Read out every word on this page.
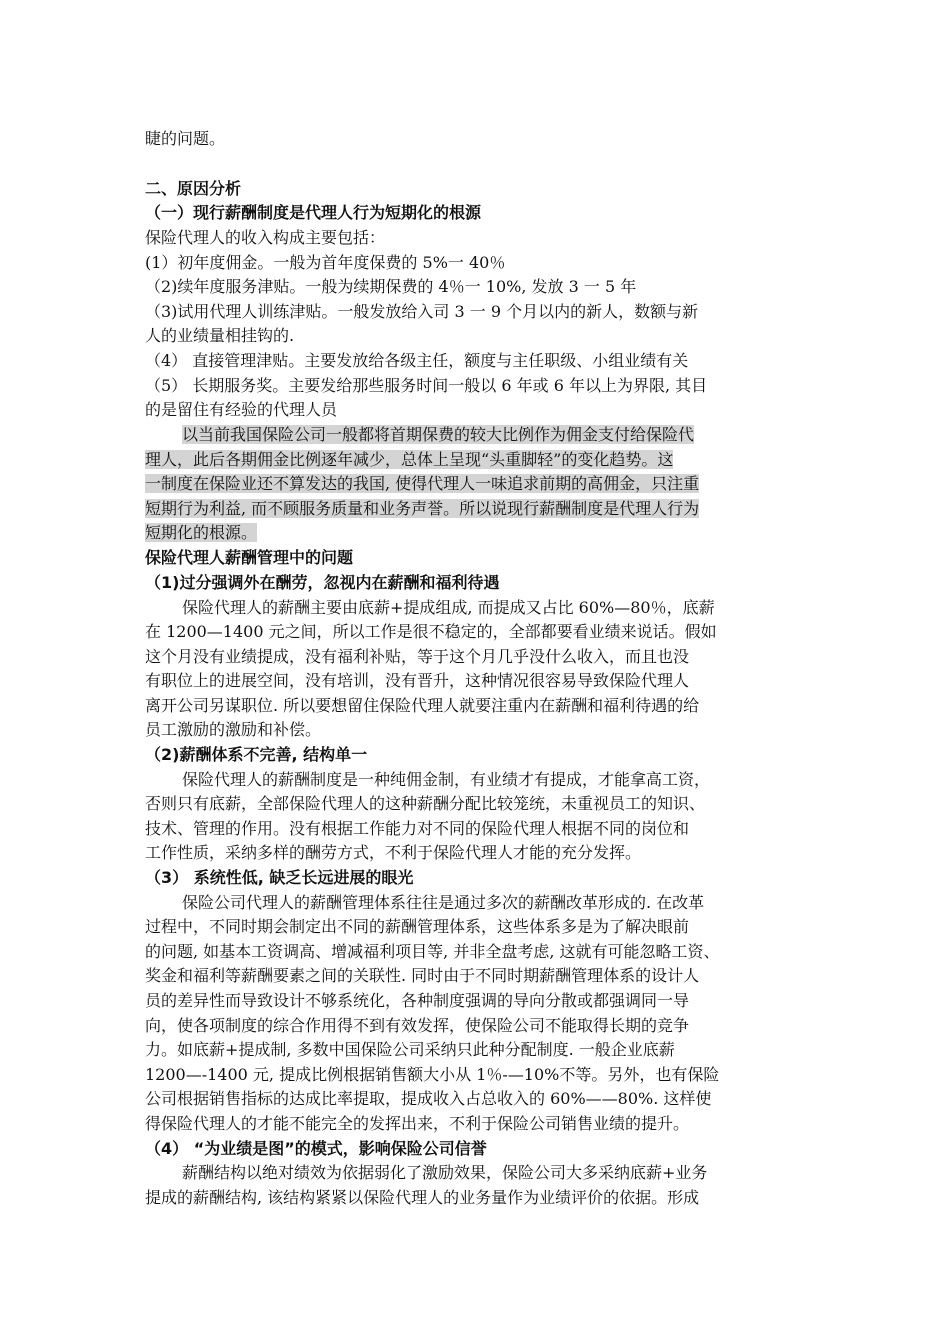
睫的问题。
二、原因分析
（一）现行薪酬制度是代理人行为短期化的根源
保险代理人的收入构成主要包括：
(1）初年度佣金。一般为首年度保费的 5%一 40％
（2)续年度服务津贴。一般为续期保费的 4％一 10%, 发放 3 一 5 年
（3)试用代理人训练津贴。一般发放给入司 3 一 9 个月以内的新人，数额与新
人的业绩量相挂钩的.
（4） 直接管理津贴。主要发放给各级主任，额度与主任职级、小组业绩有关
（5） 长期服务奖。主要发给那些服务时间一般以 6 年或 6 年以上为界限, 其目
的是留住有经验的代理人员
以当前我国保险公司一般都将首期保费的较大比例作为佣金支付给保险代
理人，此后各期佣金比例逐年减少，总体上呈现“头重脚轻”的变化趋势。这
一制度在保险业还不算发达的我国, 使得代理人一味追求前期的高佣金，只注重
短期行为利益, 而不顾服务质量和业务声誉。所以说现行薪酬制度是代理人行为
短期化的根源。
保险代理人薪酬管理中的问题
（1)过分强调外在酬劳，忽视内在薪酬和福利待遇
保险代理人的薪酬主要由底薪+提成组成, 而提成又占比 60%—80％，底薪
在 1200—1400 元之间，所以工作是很不稳定的，全部都要看业绩来说话。假如
这个月没有业绩提成，没有福利补贴，等于这个月几乎没什么收入，而且也没
有职位上的进展空间，没有培训，没有晋升，这种情况很容易导致保险代理人
离开公司另谋职位. 所以要想留住保险代理人就要注重内在薪酬和福利待遇的给
员工激励的激励和补偿。
（2)薪酬体系不完善, 结构单一
保险代理人的薪酬制度是一种纯佣金制，有业绩才有提成，才能拿高工资，
否则只有底薪，全部保险代理人的这种薪酬分配比较笼统，未重视员工的知识、
技术、管理的作用。没有根据工作能力对不同的保险代理人根据不同的岗位和
工作性质，采纳多样的酬劳方式，不利于保险代理人才能的充分发挥。
（3） 系统性低, 缺乏长远进展的眼光
保险公司代理人的薪酬管理体系往往是通过多次的薪酬改革形成的. 在改革
过程中，不同时期会制定出不同的薪酬管理体系，这些体系多是为了解决眼前
的问题, 如基本工资调高、增减福利项目等, 并非全盘考虑, 这就有可能忽略工资、
奖金和福利等薪酬要素之间的关联性. 同时由于不同时期薪酬管理体系的设计人
员的差异性而导致设计不够系统化，各种制度强调的导向分散或都强调同一导
向，使各项制度的综合作用得不到有效发挥，使保险公司不能取得长期的竞争
力。如底薪+提成制, 多数中国保险公司采纳只此种分配制度. 一般企业底薪
1200—-1400 元, 提成比例根据销售额大小从 1％-—10%不等。另外，也有保险
公司根据销售指标的达成比率提取，提成收入占总收入的 60%——80%. 这样使
得保险代理人的才能不能完全的发挥出来，不利于保险公司销售业绩的提升。
（4） “为业绩是图”的模式，影响保险公司信誉
薪酬结构以绝对绩效为依据弱化了激励效果，保险公司大多采纳底薪+业务
提成的薪酬结构, 该结构紧紧以保险代理人的业务量作为业绩评价的依据。形成
